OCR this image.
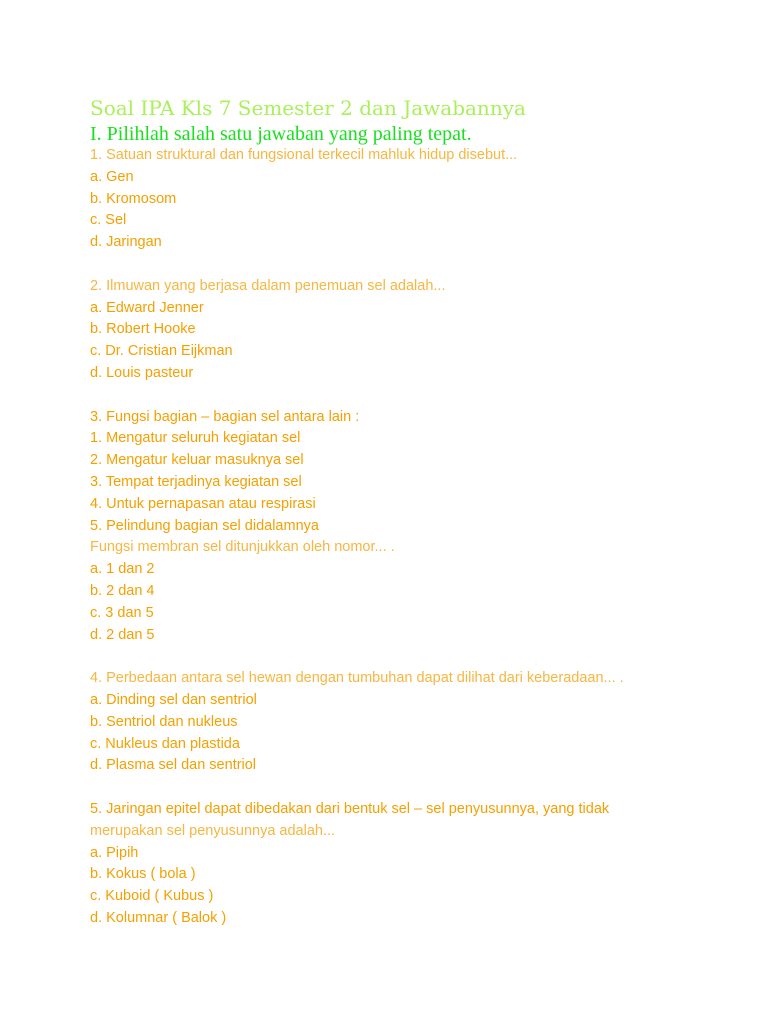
Soal IPA Kls 7 Semester 2 dan Jawabannya
I. Pilihlah salah satu jawaban yang paling tepat.
1. Satuan struktural dan fungsional terkecil mahluk hidup disebut...
a. Gen
b. Kromosom
c. Sel
d. Jaringan
2. Ilmuwan yang berjasa dalam penemuan sel adalah...
a. Edward Jenner
b. Robert Hooke
c. Dr. Cristian Eijkman
d. Louis pasteur
3. Fungsi bagian – bagian sel antara lain :
1. Mengatur seluruh kegiatan sel
2. Mengatur keluar masuknya sel
3. Tempat terjadinya kegiatan sel
4. Untuk pernapasan atau respirasi
5. Pelindung bagian sel didalamnya
Fungsi membran sel ditunjukkan oleh nomor... .
a. 1 dan 2
b. 2 dan 4
c. 3 dan 5
d. 2 dan 5
4. Perbedaan antara sel hewan dengan tumbuhan dapat dilihat dari keberadaan... .
a. Dinding sel dan sentriol
b. Sentriol dan nukleus
c. Nukleus dan plastida
d. Plasma sel dan sentriol
5. Jaringan epitel dapat dibedakan dari bentuk sel – sel penyusunnya, yang tidak
merupakan sel penyusunnya adalah...
a. Pipih
b. Kokus ( bola )
c. Kuboid ( Kubus )
d. Kolumnar ( Balok )
